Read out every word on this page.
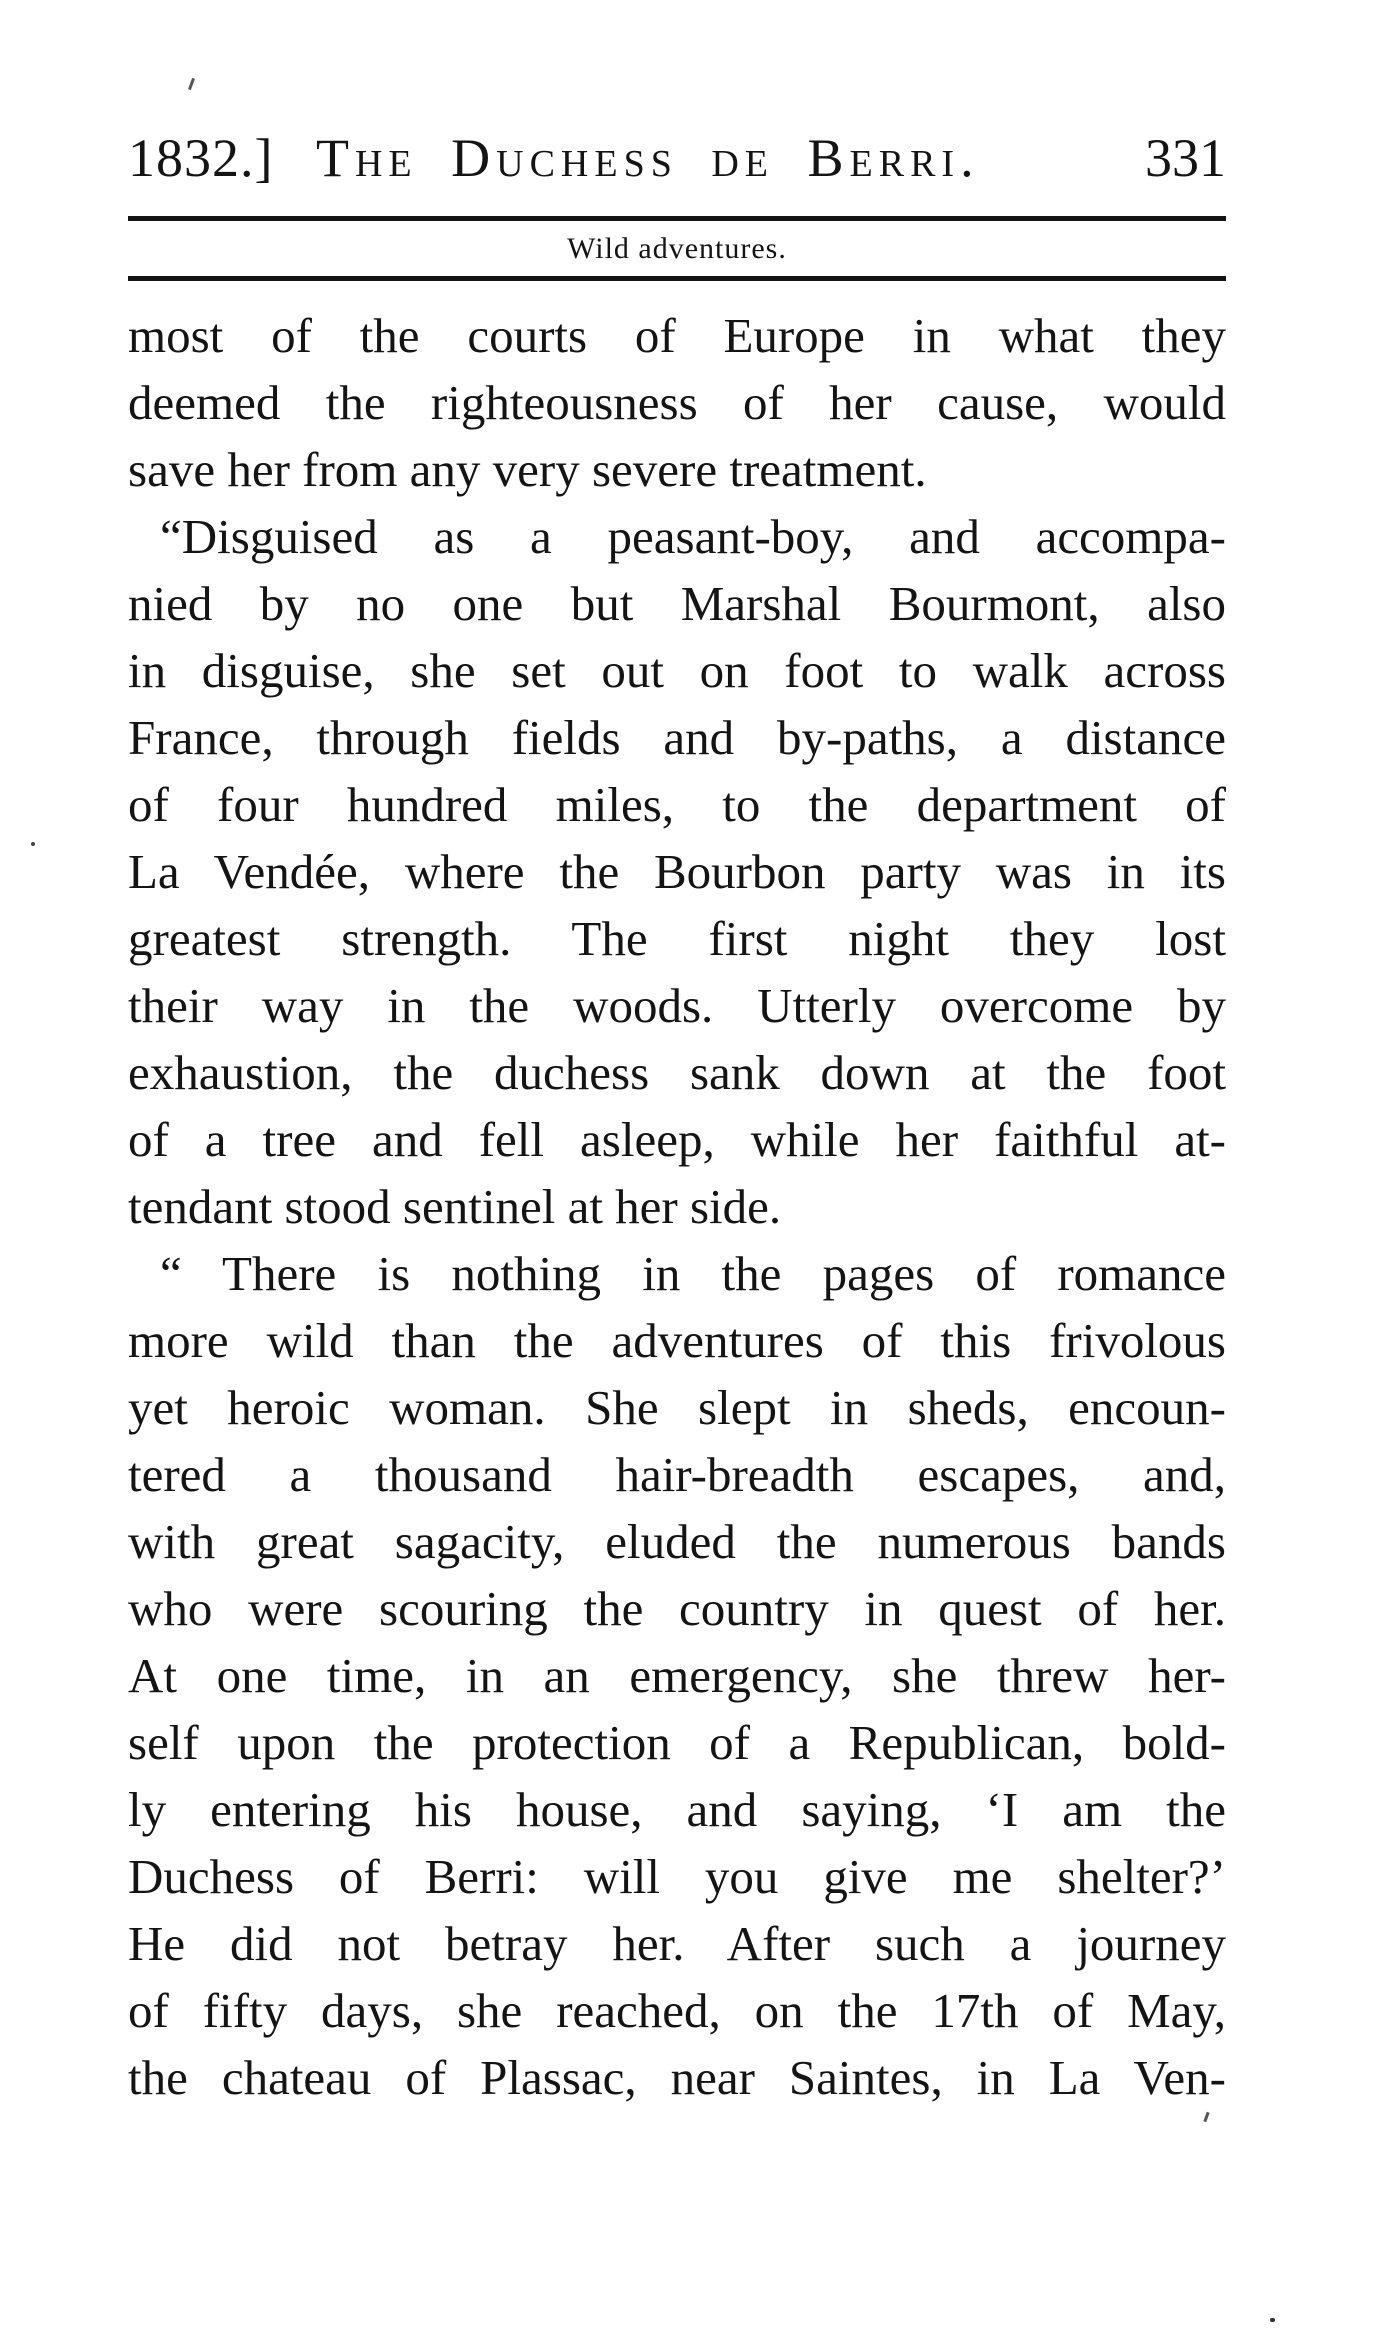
1832.] The Duchess de Berri.	331
Wild adventures.
most of the courts of Europe in what they
deemed the righteousness of her cause, would
save her from any very severe treatment.
“Disguised as a peasant-boy, and accompa-
nied by no one but Marshal Bourmont, also
in disguise, she set out on foot to walk across
France, through fields and by-paths, a distance
of four hundred miles, to the department of
La Vendée, where the Bourbon party was in its
greatest strength. The first night they lost
their way in the woods. Utterly overcome by
exhaustion, the duchess sank down at the foot
of a tree and fell asleep, while her faithful at-
tendant stood sentinel at her side.
“ There is nothing in the pages of romance
more wild than the adventures of this frivolous
yet heroic woman. She slept in sheds, encoun-
tered a thousand hair-breadth escapes, and,
with great sagacity, eluded the numerous bands
who were scouring the country in quest of her.
At one time, in an emergency, she threw her-
self upon the protection of a Republican, bold-
ly entering his house, and saying, ‘I am the
Duchess of Berri: will you give me shelter?’
He did not betray her. After such a journey
of fifty days, she reached, on the 17th of May,
the chateau of Plassac, near Saintes, in La Ven-
